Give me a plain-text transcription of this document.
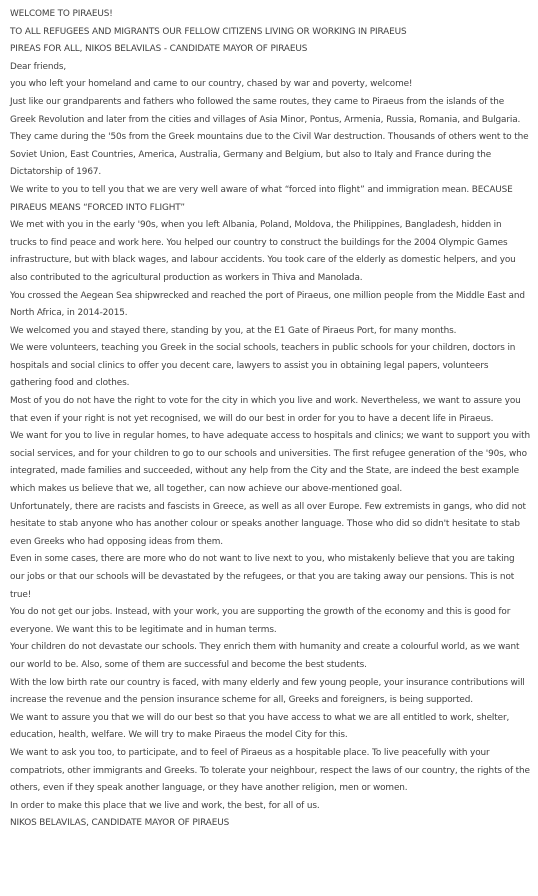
WELCOME TO PIRAEUS!

TO ALL REFUGEES AND MIGRANTS OUR FELLOW CITIZENS LIVING OR WORKING IN PIRAEUS

PIREAS FOR ALL, NIKOS BELAVILAS - CANDIDATE MAYOR OF PIRAEUS

Dear friends,

you who left your homeland and came to our country, chased by war and poverty, welcome!

Just like our grandparents and fathers who followed the same routes, they came to Piraeus from the islands of the Greek Revolution and later from the cities and villages of Asia Minor, Pontus, Armenia, Russia, Romania, and Bulgaria.

They came during the '50s from the Greek mountains due to the Civil War destruction. Thousands of others went to the Soviet Union, East Countries, America, Australia, Germany and Belgium, but also to Italy and France during the Dictatorship of 1967.

We write to you to tell you that we are very well aware of what “forced into flight” and immigration mean. BECAUSE PIRAEUS MEANS “FORCED INTO FLIGHT”

We met with you in the early '90s, when you left Albania, Poland, Moldova, the Philippines, Bangladesh, hidden in trucks to find peace and work here. You helped our country to construct the buildings for the 2004 Olympic Games infrastructure, but with black wages, and labour accidents. You took care of the elderly as domestic helpers, and you also contributed to the agricultural production as workers in Thiva and Manolada.

You crossed the Aegean Sea shipwrecked and reached the port of Piraeus, one million people from the Middle East and North Africa, in 2014-2015.

We welcomed you and stayed there, standing by you, at the E1 Gate of Piraeus Port, for many months.

We were volunteers, teaching you Greek in the social schools, teachers in public schools for your children, doctors in hospitals and social clinics to offer you decent care, lawyers to assist you in obtaining legal papers, volunteers gathering food and clothes.

Most of you do not have the right to vote for the city in which you live and work. Nevertheless, we want to assure you that even if your right is not yet recognised, we will do our best in order for you to have a decent life in Piraeus.

We want for you to live in regular homes, to have adequate access to hospitals and clinics; we want to support you with social services, and for your children to go to our schools and universities. The first refugee generation of the '90s, who integrated, made families and succeeded, without any help from the City and the State, are indeed the best example which makes us believe that we, all together, can now achieve our above-mentioned goal.

Unfortunately, there are racists and fascists in Greece, as well as all over Europe. Few extremists in gangs, who did not hesitate to stab anyone who has another colour or speaks another language. Those who did so didn't hesitate to stab even Greeks who had opposing ideas from them.

Even in some cases, there are more who do not want to live next to you, who mistakenly believe that you are taking our jobs or that our schools will be devastated by the refugees, or that you are taking away our pensions. This is not true!

You do not get our jobs. Instead, with your work, you are supporting the growth of the economy and this is good for everyone. We want this to be legitimate and in human terms.

Your children do not devastate our schools. They enrich them with humanity and create a colourful world, as we want our world to be. Also, some of them are successful and become the best students.

With the low birth rate our country is faced, with many elderly and few young people, your insurance contributions will increase the revenue and the pension insurance scheme for all, Greeks and foreigners, is being supported.

We want to assure you that we will do our best so that you have access to what we are all entitled to work, shelter, education, health, welfare. We will try to make Piraeus the model City for this.

We want to ask you too, to participate, and to feel of Piraeus as a hospitable place. To live peacefully with your compatriots, other immigrants and Greeks. To tolerate your neighbour, respect the laws of our country, the rights of the others, even if they speak another language, or they have another religion, men or women.

In order to make this place that we live and work, the best, for all of us.

NIKOS BELAVILAS, CANDIDATE MAYOR OF PIRAEUS
